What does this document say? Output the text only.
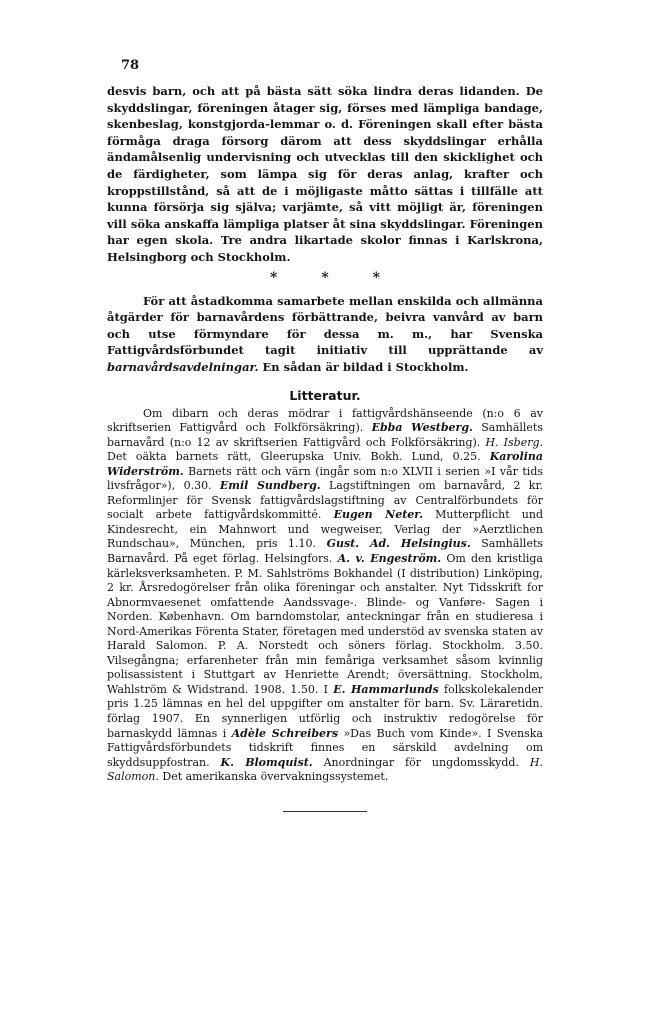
78

desvis barn, och att på bästa sätt söka lindra deras lidanden. De skyddslingar, föreningen åtager sig, förses med lämpliga bandage, skenbeslag, konstgjorda-lemmar o. d. Föreningen skall efter bästa förmåga draga försorg därom att dess skyddslingar erhålla ändamålsenlig undervisning och utvecklas till den skicklighet och de färdigheter, som lämpa sig för deras anlag, krafter och kroppstillstånd, så att de i möjligaste måtto sättas i tillfälle att kunna försörja sig själva; varjämte, så vitt möjligt är, föreningen vill söka anskaffa lämpliga platser åt sina skyddslingar. Föreningen har egen skola. Tre andra likartade skolor finnas i Karlskrona, Helsingborg och Stockholm.

*	*	*

För att åstadkomma samarbete mellan enskilda och allmänna åtgärder för barnavårdens förbättrande, beivra vanvård av barn och utse förmyndare för dessa m. m., har Svenska Fattigvårdsförbundet tagit initiativ till upprättande av barnavårdsavdelningar. En sådan är bildad i Stockholm.

Litteratur.

Om dibarn och deras mödrar i fattigvårdshänseende (n:o 6 av skriftserien Fattigvård och Folkförsäkring). Ebba Westberg. Samhällets barnavård (n:o 12 av skriftserien Fattigvård och Folkförsäkring). H. Isberg. Det oäkta barnets rätt, Gleerupska Univ. Bokh. Lund, 0.25. Karolina Widerström. Barnets rätt och värn (ingår som n:o XLVII i serien »I vår tids livsfrågor»), 0.30. Emil Sundberg. Lagstiftningen om barnavård, 2 kr. Reformlinjer för Svensk fattigvårdslagstiftning av Centralförbundets för socialt arbete fattigvårdskommitté. Eugen Neter. Mutterpflicht und Kindesrecht, ein Mahnwort und wegweiser, Verlag der »Aerztlichen Rundschau», München, pris 1.10. Gust. Ad. Helsingius. Samhällets Barnavård. På eget förlag. Helsingfors. A. v. Engeström. Om den kristliga kärleksverksamheten. P. M. Sahlströms Bokhandel (I distribution) Linköping, 2 kr. Årsredogörelser från olika föreningar och anstalter. Nyt Tidsskrift for Abnormvaesenet omfattende Aandssvage-. Blinde- og Vanføre- Sagen i Norden. København. Om barndomstolar, anteckningar från en studieresa i Nord-Amerikas Förenta Stater, företagen med understöd av svenska staten av Harald Salomon. P. A. Norstedt och söners förlag. Stockholm. 3.50. Vilsegångna; erfarenheter från min femåriga verksamhet såsom kvinnlig polisassistent i Stuttgart av Henriette Arendt; översättning. Stockholm, Wahlström & Widstrand. 1908. 1.50. I E. Hammarlunds folkskolekalender pris 1.25 lämnas en hel del uppgifter om anstalter för barn. Sv. Läraretidn. förlag 1907. En synnerligen utförlig och instruktiv redogörelse för barnaskydd lämnas i Adèle Schreibers »Das Buch vom Kinde». I Svenska Fattigvårdsförbundets tidskrift finnes en särskild avdelning om skyddsuppfostran. K. Blomquist. Anordningar för ungdomsskydd. H. Salomon. Det amerikanska övervakningssystemet.
